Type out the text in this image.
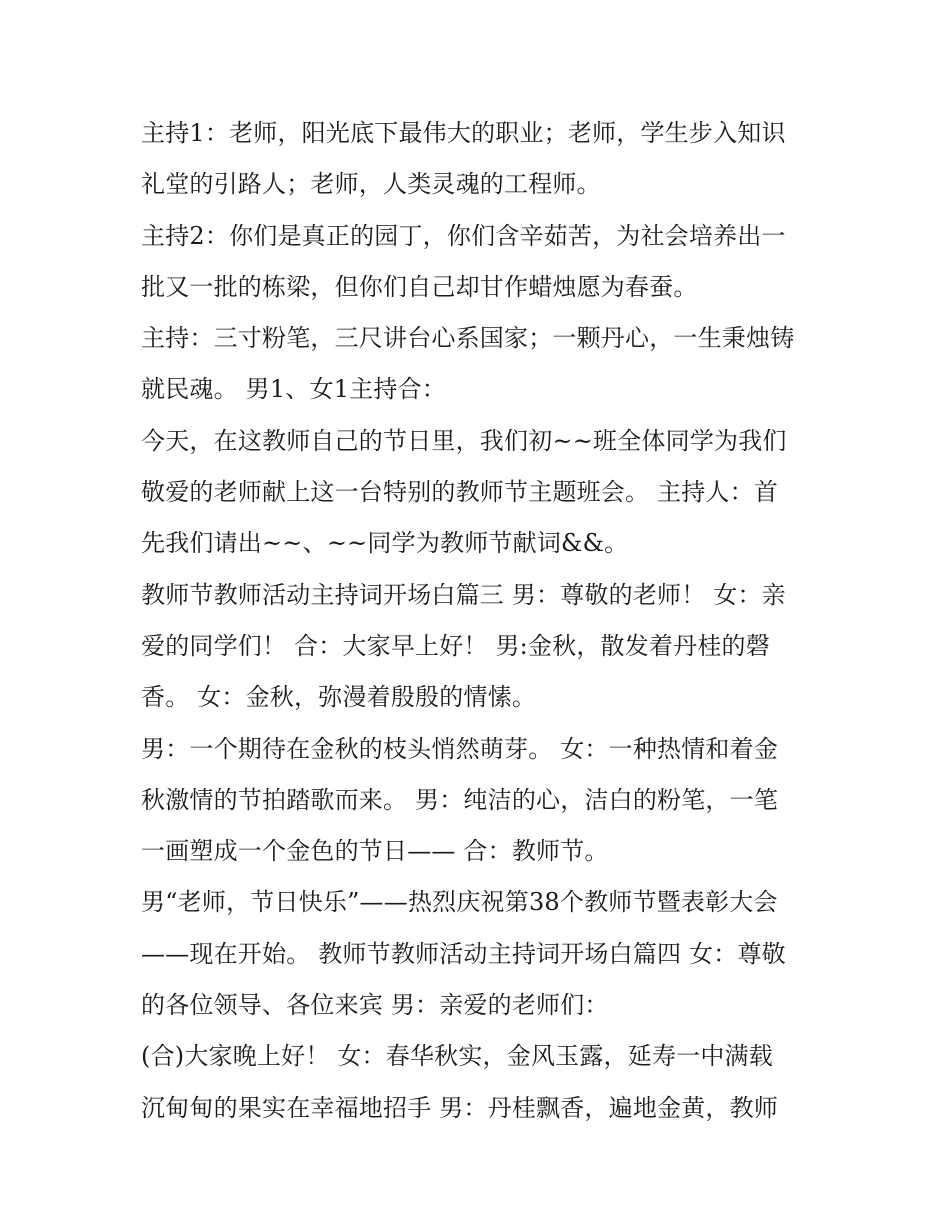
主持1：老师，阳光底下最伟大的职业；老师，学生步入知识
礼堂的引路人；老师，人类灵魂的工程师。
主持2：你们是真正的园丁，你们含辛茹苦，为社会培养出一
批又一批的栋梁，但你们自己却甘作蜡烛愿为春蚕。
主持：三寸粉笔，三尺讲台心系国家；一颗丹心，一生秉烛铸
就民魂。 男1、女1主持合：
今天，在这教师自己的节日里，我们初~~班全体同学为我们
敬爱的老师献上这一台特别的教师节主题班会。 主持人：首
先我们请出~~、~~同学为教师节献词&&。
教师节教师活动主持词开场白篇三 男：尊敬的老师！ 女：亲
爱的同学们！ 合：大家早上好！ 男:金秋，散发着丹桂的磬
香。 女：金秋，弥漫着殷殷的情愫。
男：一个期待在金秋的枝头悄然萌芽。 女：一种热情和着金
秋激情的节拍踏歌而来。 男：纯洁的心，洁白的粉笔，一笔
一画塑成一个金色的节日—— 合：教师节。
男“老师，节日快乐”——热烈庆祝第38个教师节暨表彰大会
——现在开始。 教师节教师活动主持词开场白篇四 女：尊敬
的各位领导、各位来宾 男：亲爱的老师们：
(合)大家晚上好！ 女：春华秋实，金风玉露，延寿一中满载
沉甸甸的果实在幸福地招手 男：丹桂飘香，遍地金黄，教师
